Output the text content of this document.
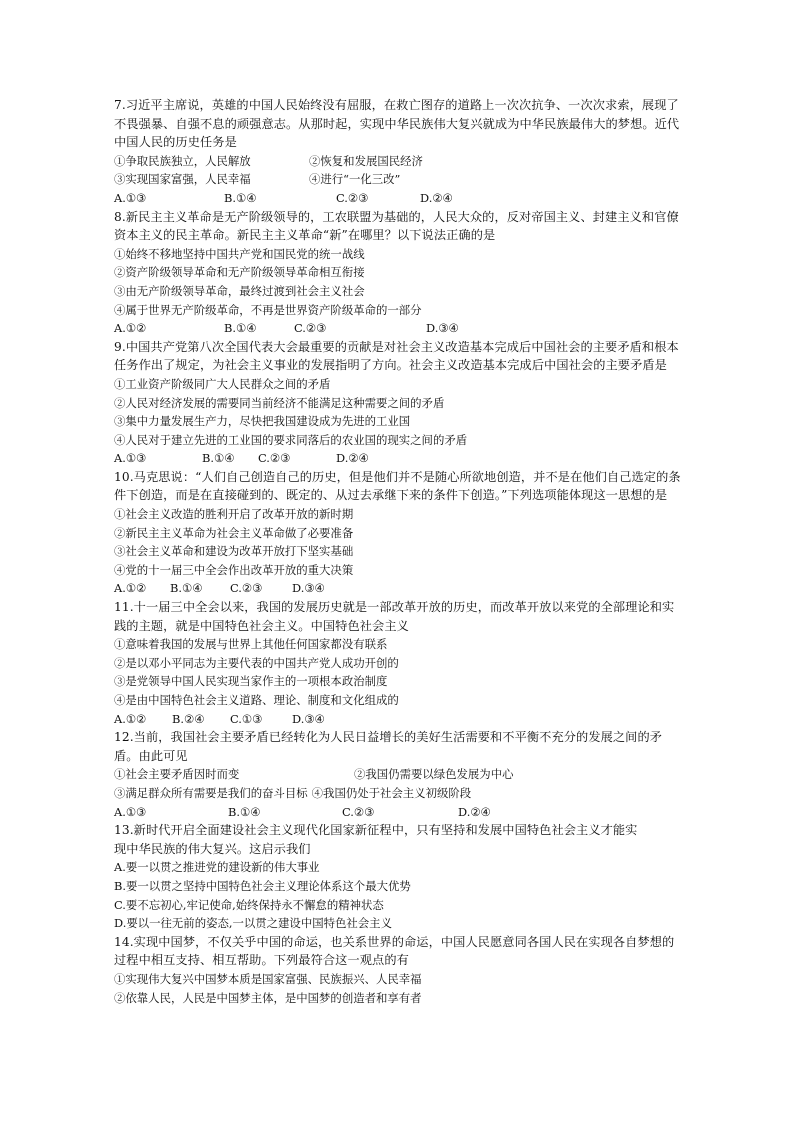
7.习近平主席说，英雄的中国人民始终没有屈服，在救亡图存的道路上一次次抗争、一次次求索，展现了不畏强暴、自强不息的顽强意志。从那时起，实现中华民族伟大复兴就成为中华民族最伟大的梦想。近代中国人民的历史任务是

①争取民族独立，人民解放	②恢复和发展国民经济

③实现国家富强，人民幸福	④进行“一化三改”

A.①③	B.①④	C.②③	D.②④

8.新民主主义革命是无产阶级领导的，工农联盟为基础的，人民大众的，反对帝国主义、封建主义和官僚资本主义的民主革命。新民主主义革命“新”在哪里？以下说法正确的是

①始终不移地坚持中国共产党和国民党的统一战线

②资产阶级领导革命和无产阶级领导革命相互衔接

③由无产阶级领导革命，最终过渡到社会主义社会

④属于世界无产阶级革命，不再是世界资产阶级革命的一部分

A.①②	B.①④	C.②③	D.③④

9.中国共产党第八次全国代表大会最重要的贡献是对社会主义改造基本完成后中国社会的主要矛盾和根本任务作出了规定，为社会主义事业的发展指明了方向。社会主义改造基本完成后中国社会的主要矛盾是

①工业资产阶级同广大人民群众之间的矛盾

②人民对经济发展的需要同当前经济不能满足这种需要之间的矛盾

③集中力量发展生产力，尽快把我国建设成为先进的工业国

④人民对于建立先进的工业国的要求同落后的农业国的现实之间的矛盾

A.①③	B.①④	C.②③	D.②④

10.马克思说：“人们自己创造自己的历史，但是他们并不是随心所欲地创造，并不是在他们自己选定的条件下创造，而是在直接碰到的、既定的、从过去承继下来的条件下创造。”下列选项能体现这一思想的是

①社会主义改造的胜利开启了改革开放的新时期

②新民主主义革命为社会主义革命做了必要准备

③社会主义革命和建设为改革开放打下坚实基础

④党的十一届三中全会作出改革开放的重大决策

A.①②	B.①④	C.②③	D.③④

11.十一届三中全会以来，我国的发展历史就是一部改革开放的历史，而改革开放以来党的全部理论和实践的主题，就是中国特色社会主义。中国特色社会主义

①意味着我国的发展与世界上其他任何国家都没有联系

②是以邓小平同志为主要代表的中国共产党人成功开创的

③是党领导中国人民实现当家作主的一项根本政治制度

④是由中国特色社会主义道路、理论、制度和文化组成的

A.①②	B.②④	C.①③	D.③④

12.当前，我国社会主要矛盾已经转化为人民日益增长的美好生活需要和不平衡不充分的发展之间的矛盾。由此可见

①社会主要矛盾因时而变	②我国仍需要以绿色发展为中心

③满足群众所有需要是我们的奋斗目标 ④我国仍处于社会主义初级阶段

A.①③	B.①④	C.②③	D.②④

13.新时代开启全面建设社会主义现代化国家新征程中，只有坚持和发展中国特色社会主义才能实现中华民族的伟大复兴。这启示我们

A.要一以贯之推进党的建设新的伟大事业

B.要一以贯之坚持中国特色社会主义理论体系这个最大优势

C.要不忘初心,牢记使命,始终保持永不懈怠的精神状态

D.要以一往无前的姿态,一以贯之建设中国特色社会主义

14.实现中国梦，不仅关乎中国的命运，也关系世界的命运，中国人民愿意同各国人民在实现各自梦想的过程中相互支持、相互帮助。下列最符合这一观点的有

①实现伟大复兴中国梦本质是国家富强、民族振兴、人民幸福

②依靠人民，人民是中国梦主体，是中国梦的创造者和享有者
